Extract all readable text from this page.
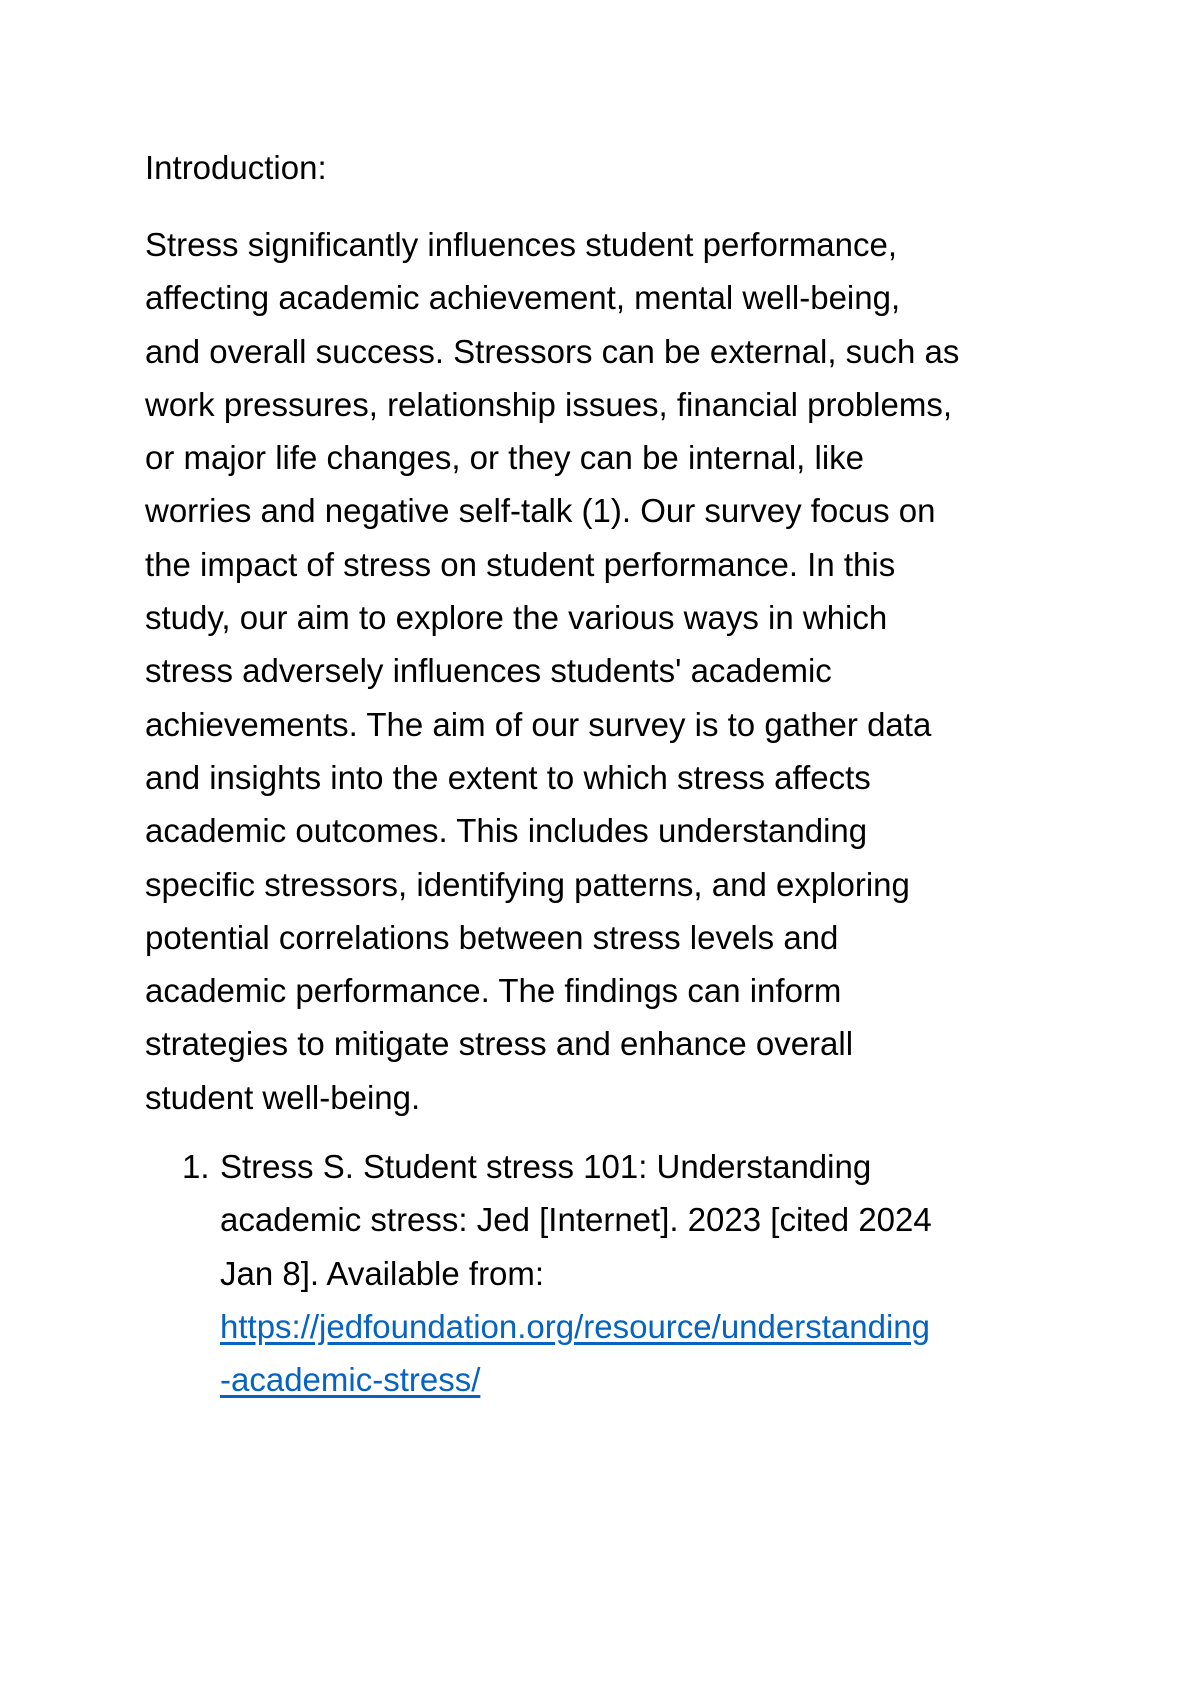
Introduction:
Stress significantly influences student performance,
affecting academic achievement, mental well-being,
and overall success. Stressors can be external, such as
work pressures, relationship issues, financial problems,
or major life changes, or they can be internal, like
worries and negative self-talk (1). Our survey focus on
the impact of stress on student performance. In this
study, our aim to explore the various ways in which
stress adversely influences students' academic
achievements. The aim of our survey is to gather data
and insights into the extent to which stress affects
academic outcomes. This includes understanding
specific stressors, identifying patterns, and exploring
potential correlations between stress levels and
academic performance. The findings can inform
strategies to mitigate stress and enhance overall
student well-being.
1. Stress S. Student stress 101: Understanding
academic stress: Jed [Internet]. 2023 [cited 2024
Jan 8]. Available from:
https://jedfoundation.org/resource/understanding
-academic-stress/
